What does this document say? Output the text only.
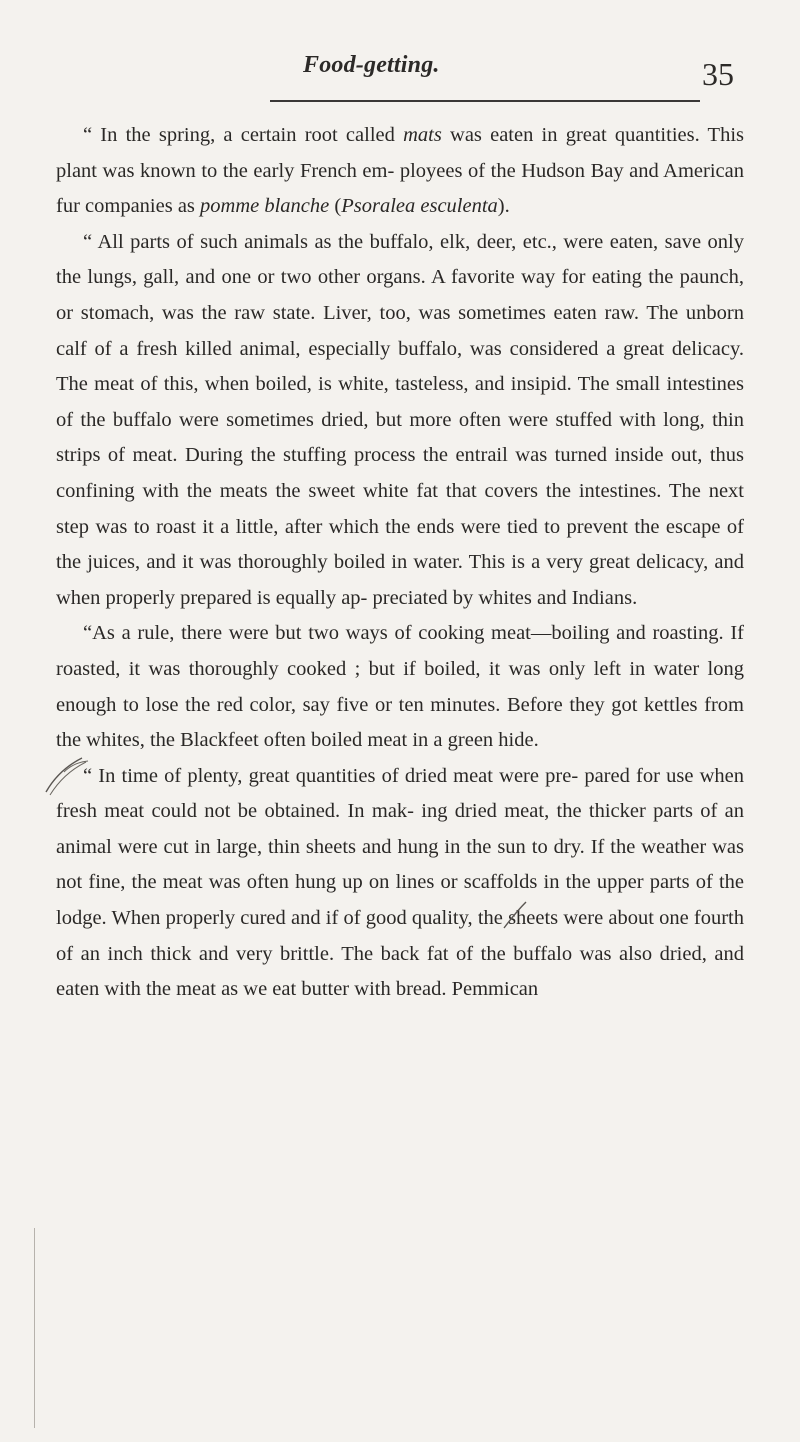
Food-getting.	35

“ In the spring, a certain root called mats was eaten in great quantities. This plant was known to the early French em- ployees of the Hudson Bay and American fur companies as pomme blanche (Psoralea esculenta).

“ All parts of such animals as the buffalo, elk, deer, etc., were eaten, save only the lungs, gall, and one or two other organs. A favorite way for eating the paunch, or stomach, was the raw state. Liver, too, was sometimes eaten raw. The unborn calf of a fresh killed animal, especially buffalo, was considered a great delicacy. The meat of this, when boiled, is white, tasteless, and insipid. The small intestines of the buffalo were sometimes dried, but more often were stuffed with long, thin strips of meat. During the stuffing process the entrail was turned inside out, thus confining with the meats the sweet white fat that covers the intestines. The next step was to roast it a little, after which the ends were tied to prevent the escape of the juices, and it was thoroughly boiled in water. This is a very great delicacy, and when properly prepared is equally ap- preciated by whites and Indians.

“As a rule, there were but two ways of cooking meat—boiling and roasting. If roasted, it was thoroughly cooked ; but if boiled, it was only left in water long enough to lose the red color, say five or ten minutes. Before they got kettles from the whites, the Blackfeet often boiled meat in a green hide.

“ In time of plenty, great quantities of dried meat were pre- pared for use when fresh meat could not be obtained. In mak- ing dried meat, the thicker parts of an animal were cut in large, thin sheets and hung in the sun to dry. If the weather was not fine, the meat was often hung up on lines or scaffolds in the upper parts of the lodge. When properly cured and if of good quality, the sheets were about one fourth of an inch thick and very brittle. The back fat of the buffalo was also dried, and eaten with the meat as we eat butter with bread. Pemmican
